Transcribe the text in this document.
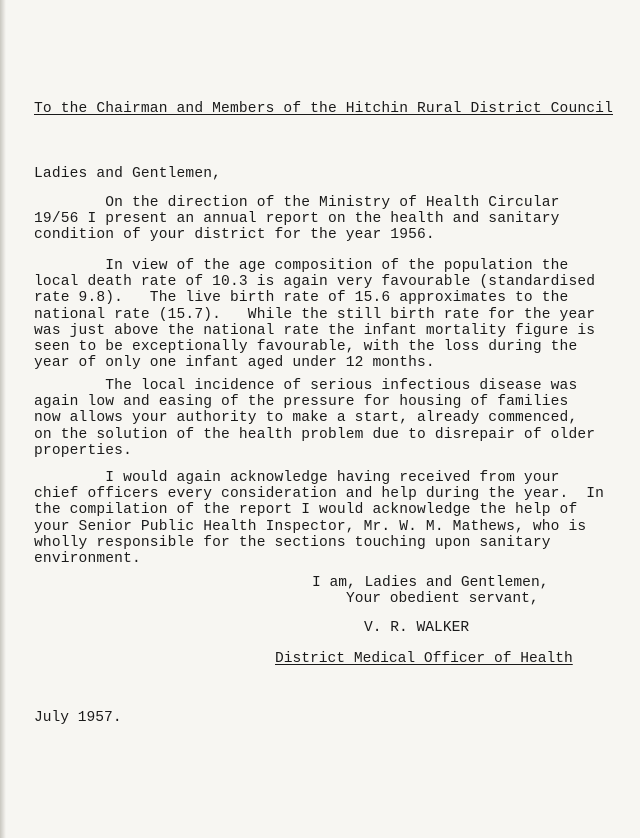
To the Chairman and Members of the Hitchin Rural District Council
Ladies and Gentlemen,
On the direction of the Ministry of Health Circular
19/56 I present an annual report on the health and sanitary
condition of your district for the year 1956.
In view of the age composition of the population the
local death rate of 10.3 is again very favourable (standardised
rate 9.8).   The live birth rate of 15.6 approximates to the
national rate (15.7).   While the still birth rate for the year
was just above the national rate the infant mortality figure is
seen to be exceptionally favourable, with the loss during the
year of only one infant aged under 12 months.
The local incidence of serious infectious disease was
again low and easing of the pressure for housing of families
now allows your authority to make a start, already commenced,
on the solution of the health problem due to disrepair of older
properties.
I would again acknowledge having received from your
chief officers every consideration and help during the year.  In
the compilation of the report I would acknowledge the help of
your Senior Public Health Inspector, Mr. W. M. Mathews, who is
wholly responsible for the sections touching upon sanitary
environment.
I am, Ladies and Gentlemen,
Your obedient servant,
V. R. WALKER
District Medical Officer of Health
July 1957.
